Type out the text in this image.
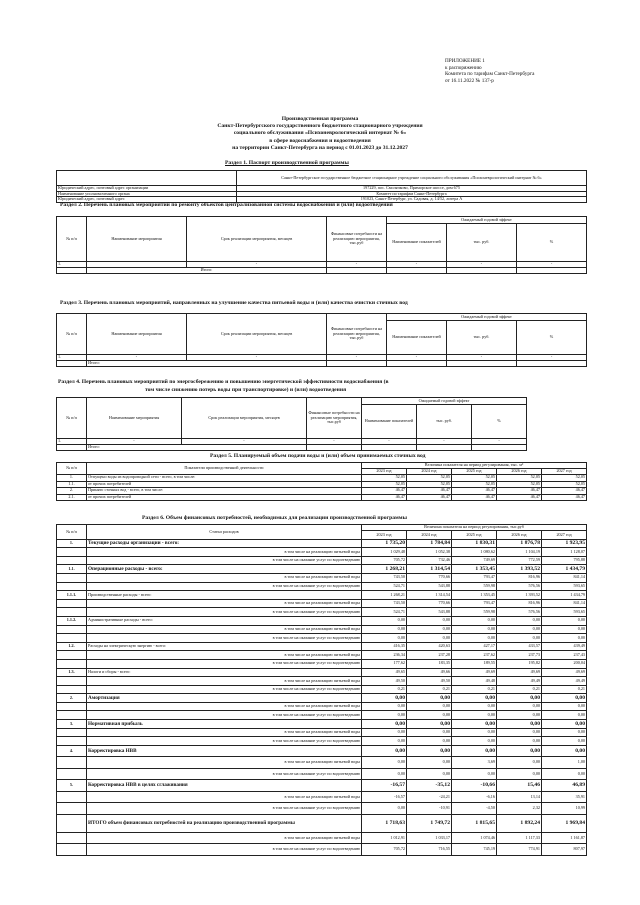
ПРИЛОЖЕНИЕ 1
к распоряжению
Комитета по тарифам Санкт-Петербурга
от 16.11.2022 № 137-р
Производственная программа
Санкт-Петербургского государственного бюджетного стационарного учреждения
социального обслуживания «Психоневрологический интернат № 6»
в сфере водоснабжения и водоотведения
на территории Санкт-Петербурга на период с 01.01.2023 до 31.12.2027
Раздел 1. Паспорт производственной программы
	Санкт-Петербургское государственное бюджетное стационарное учреждение социального обслуживания «Психоневрологический интернат № 6»
Юридический адрес, почтовый адрес организации	197229, пос. Смолячково, Приморское шоссе, дом 675
Наименование уполномоченного органа	Комитет по тарифам Санкт-Петербурга
Юридический адрес, почтовый адрес	191023, Санкт-Петербург, ул. Садовая, д. 14/52, литера А
Раздел 2. Перечень плановых мероприятий по ремонту объектов централизованной системы водоснабжения и (или) водоотведения
№ п/п	Наименование мероприятия	Срок реализации мероприятия, месяцев	Финансовые потребности на реализацию мероприятия, тыс.руб	Ожидаемый годовой эффект		
				Наименование показателей	тыс. руб.	%
1.		-	-	-	-	-
	Итого:					
Раздел 3. Перечень плановых мероприятий, направленных на улучшение качества питьевой воды и (или) качества очистки сточных вод
№ п/п	Наименование мероприятия	Срок реализации мероприятия, месяцев	Финансовые потребности на реализацию мероприятия, тыс.руб	Ожидаемый годовой эффект		
				Наименование показателей	тыс. руб.	%
1.	-	-	-	-	-	-
	Итого:					
Раздел 4. Перечень плановых мероприятий по энергосбережению и повышению энергетической эффективности водоснабжения (в
том числе снижению потерь воды при транспортировке) и (или) водоотведения
№ п/п	Наименование мероприятия	Срок реализации мероприятия, месяцев	Финансовые потребности на реализацию мероприятия, тыс.руб	Ожидаемый годовой эффект		
				Наименование показателей	тыс. руб.	%
1.	-	-	-	-	-	-
	Итого:					
Раздел 5. Планируемый объем подачи воды и (или) объем принимаемых сточных вод
№ п/п	Показатели производственной деятельности	Величина показателя на период регулирования, тыс. м³				
		2023 год	2024 год	2025 год	2026 год	2027 год
1.	Отпущено воды из водопроводной сети - всего, в том числе:	52,05	52,05	52,05	52,05	52,05
1.1.	от прочих потребителей	52,05	52,05	52,05	52,05	52,05
2.	Принято сточных вод - всего, в том числе:	46,47	46,47	46,47	46,47	46,47
2.1.	от прочих потребителей	46,47	46,47	46,47	46,47	46,47
Раздел 6. Объем финансовых потребностей, необходимых для реализации производственной программы
№ п/п	Статьи расходов	Величина показателя на период регулирования, тыс.руб				
		2023 год	2024 год	2025 год	2026 год	2027 год
1.	Текущие расходы организации - всего:	1 735,20	1 784,84	1 830,31	1 876,78	1 923,95
	в том числе на реализацию питьевой воды	1 029,48	1 052,38	1 080,62	1 104,19	1 128,07
	в том числе на оказание услуг по водоотведению	705,72	732,46	749,69	772,59	795,88
1.1.	Операционные расходы - всего:	1 268,21	1 314,54	1 353,45	1 393,52	1 434,79
	в том числе на реализацию питьевой воды	743,50	770,66	793,47	816,96	841,14
	в том числе на оказание услуг по водоотведению	524,71	543,88	559,98	576,56	593,65
1.1.1.	Производственные расходы - всего:	1 268,21	1 314,54	1 353,45	1 393,52	1 434,79
	в том числе на реализацию питьевой воды	743,50	770,66	793,47	816,96	841,14
	в том числе на оказание услуг по водоотведению	524,71	543,88	559,98	576,56	593,65
1.1.2.	Административные расходы - всего:	0,00	0,00	0,00	0,00	0,00
	в том числе на реализацию питьевой воды	0,00	0,00	0,00	0,00	0,00
	в том числе на оказание услуг по водоотведению	0,00	0,00	0,00	0,00	0,00
1.2.	Расходы на электрическую энергию - всего:	416,35	420,63	427,17	433,57	439,49
	в том числе на реализацию питьевой воды	236,34	237,28	237,62	237,73	237,43
	в том числе на оказание услуг по водоотведению	177,62	183,35	189,55	195,82	200,04
1.3.	Налоги и сборы - всего:	49,65	49,66	49,69	49,69	49,69
	в том числе на реализацию питьевой воды	49,50	49,50	49,48	49,49	49,49
	в том числе на оказание услуг по водоотведению	0,21	0,21	0,21	0,21	0,21
2.	Амортизация	0,00	0,00	0,00	0,00	0,00
	в том числе на реализацию питьевой воды	0,00	0,00	0,00	0,00	0,00
	в том числе на оказание услуг по водоотведению	0,00	0,00	0,00	0,00	0,00
3.	Нормативная прибыль	0,00	0,00	0,00	0,00	0,00
	в том числе на реализацию питьевой воды	0,00	0,00	0,00	0,00	0,00
	в том числе на оказание услуг по водоотведению	0,00	0,00	0,00	0,00	0,00
4.	Корректировка НВВ	0,00	0,00	0,00	0,00	0,00
	в том числе на реализацию питьевой воды	0,00	0,00	3,69	0,00	1,00
	в том числе на оказание услуг по водоотведению	0,00	0,00	0,00	0,00	0,00
5.	Корректировка НВВ в целях сглаживания	-16,57	-35,12	-10,66	15,46	46,89
	в том числе на реализацию питьевой воды	-16,57	-24,21	-6,16	13,14	35,91
	в том числе на оказание услуг по водоотведению	0,00	-10,91	-4,50	2,32	10,99
	ИТОГО объем финансовых потребностей на реализацию производственной программы	1 718,63	1 749,72	1 815,65	1 892,24	1 969,84
	в том числе на реализацию питьевой воды	1 012,91	1 033,17	1 074,46	1 117,33	1 161,87
	в том числе на оказание услуг по водоотведению	705,72	716,55	745,19	774,91	807,97
